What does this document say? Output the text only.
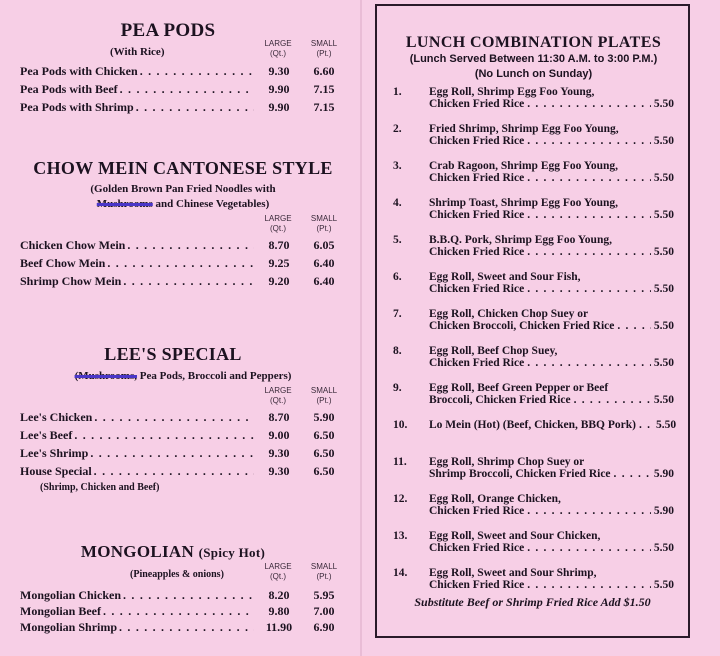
PEA PODS
(With Rice)
LARGE
(Qt.)
SMALL
(Pt.)
Pea Pods with Chicken . . .	9.30	6.60
Pea Pods with Beef . . .	9.90	7.15
Pea Pods with Shrimp . . .	9.90	7.15
CHOW MEIN CANTONESE STYLE
(Golden Brown Pan Fried Noodles with
Mushrooms and Chinese Vegetables)
LARGE
(Qt.)
SMALL
(Pt.)
Chicken Chow Mein . . .	8.70	6.05
Beef Chow Mein . . .	9.25	6.40
Shrimp Chow Mein . . .	9.20	6.40
LEE'S SPECIAL
(Mushrooms, Pea Pods, Broccoli and Peppers)
LARGE
(Qt.)
SMALL
(Pt.)
Lee's Chicken . . .	8.70	5.90
Lee's Beef . . .	9.00	6.50
Lee's Shrimp . . .	9.30	6.50
House Special . . .	9.30	6.50
(Shrimp, Chicken and Beef)
MONGOLIAN (Spicy Hot)
(Pineapples & onions)
LARGE
(Qt.)
SMALL
(Pt.)
Mongolian Chicken . . .	8.20	5.95
Mongolian Beef . . .	9.80	7.00
Mongolian Shrimp . . .	11.90	6.90
LUNCH COMBINATION PLATES
(Lunch Served Between 11:30 A.M. to 3:00 P.M.)
(No Lunch on Sunday)
1.	Egg Roll, Shrimp Egg Foo Young,
Chicken Fried Rice . . .	5.50
2.	Fried Shrimp, Shrimp Egg Foo Young,
Chicken Fried Rice . . .	5.50
3.	Crab Ragoon, Shrimp Egg Foo Young,
Chicken Fried Rice . . .	5.50
4.	Shrimp Toast, Shrimp Egg Foo Young,
Chicken Fried Rice . . .	5.50
5.	B.B.Q. Pork, Shrimp Egg Foo Young,
Chicken Fried Rice . . .	5.50
6.	Egg Roll, Sweet and Sour Fish,
Chicken Fried Rice . . .	5.50
7.	Egg Roll, Chicken Chop Suey or
Chicken Broccoli, Chicken Fried Rice . . .	5.50
8.	Egg Roll, Beef Chop Suey,
Chicken Fried Rice . . .	5.50
9.	Egg Roll, Beef Green Pepper or Beef
Broccoli, Chicken Fried Rice . . .	5.50
10.	Lo Mein (Hot) (Beef, Chicken, BBQ Pork) . . . 5.50
11.	Egg Roll, Shrimp Chop Suey or
Shrimp Broccoli, Chicken Fried Rice . . .	5.90
12.	Egg Roll, Orange Chicken,
Chicken Fried Rice . . .	5.90
13.	Egg Roll, Sweet and Sour Chicken,
Chicken Fried Rice . . .	5.50
14.	Egg Roll, Sweet and Sour Shrimp,
Chicken Fried Rice . . .	5.50
Substitute Beef or Shrimp Fried Rice Add $1.50
